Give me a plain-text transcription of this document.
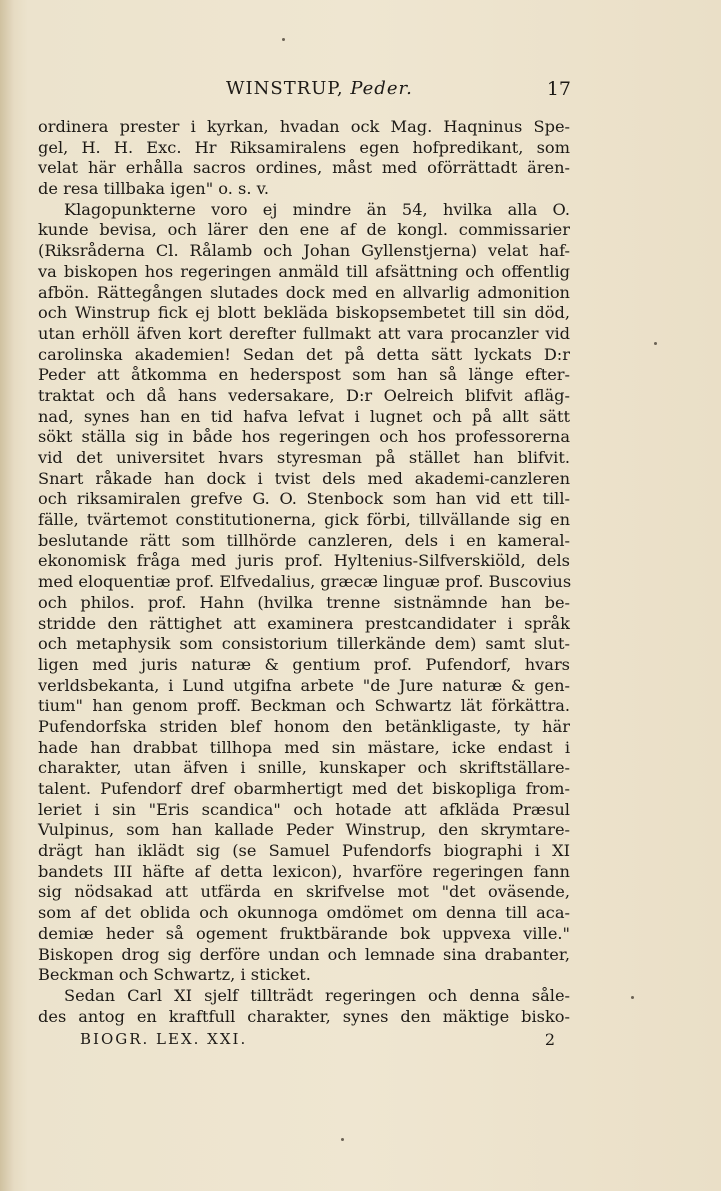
WINSTRUP, Peder.	17
ordinera prester i kyrkan, hvadan ock Mag. Haqninus Spe-
gel, H. H. Exc. Hr Riksamiralens egen hofpredikant, som
velat här erhålla sacros ordines, måst med oförrättadt ären-
de resa tillbaka igen" o. s. v.
Klagopunkterne voro ej mindre än 54, hvilka alla O.
kunde bevisa, och lärer den ene af de kongl. commissarier
(Riksråderna Cl. Rålamb och Johan Gyllenstjerna) velat haf-
va biskopen hos regeringen anmäld till afsättning och offentlig
afbön. Rättegången slutades dock med en allvarlig admonition
och Winstrup fick ej blott bekläda biskopsembetet till sin död,
utan erhöll äfven kort derefter fullmakt att vara procanzler vid
carolinska akademien! Sedan det på detta sätt lyckats D:r
Peder att åtkomma en hederspost som han så länge efter-
traktat och då hans vedersakare, D:r Oelreich blifvit afläg-
nad, synes han en tid hafva lefvat i lugnet och på allt sätt
sökt ställa sig in både hos regeringen och hos professorerna
vid det universitet hvars styresman på stället han blifvit.
Snart råkade han dock i tvist dels med akademi-canzleren
och riksamiralen grefve G. O. Stenbock som han vid ett till-
fälle, tvärtemot constitutionerna, gick förbi, tillvällande sig en
beslutande rätt som tillhörde canzleren, dels i en kameral-
ekonomisk fråga med juris prof. Hyltenius-Silfverskiöld, dels
med eloquentiæ prof. Elfvedalius, græcæ linguæ prof. Buscovius
och philos. prof. Hahn (hvilka trenne sistnämnde han be-
stridde den rättighet att examinera prestcandidater i språk
och metaphysik som consistorium tillerkände dem) samt slut-
ligen med juris naturæ & gentium prof. Pufendorf, hvars
verldsbekanta, i Lund utgifna arbete "de Jure naturæ & gen-
tium" han genom proff. Beckman och Schwartz lät förkättra.
Pufendorfska striden blef honom den betänkligaste, ty här
hade han drabbat tillhopa med sin mästare, icke endast i
charakter, utan äfven i snille, kunskaper och skriftställare-
talent. Pufendorf dref obarmhertigt med det biskopliga from-
leriet i sin "Eris scandica" och hotade att afkläda Præsul
Vulpinus, som han kallade Peder Winstrup, den skrymtare-
drägt han iklädt sig (se Samuel Pufendorfs biographi i XI
bandets III häfte af detta lexicon), hvarföre regeringen fann
sig nödsakad att utfärda en skrifvelse mot "det oväsende,
som af det oblida och okunnoga omdömet om denna till aca-
demiæ heder så ogement fruktbärande bok uppvexa ville."
Biskopen drog sig derföre undan och lemnade sina drabanter,
Beckman och Schwartz, i sticket.
Sedan Carl XI sjelf tillträdt regeringen och denna såle-
des antog en kraftfull charakter, synes den mäktige bisko-
BIOGR. LEX. XXI.	2
